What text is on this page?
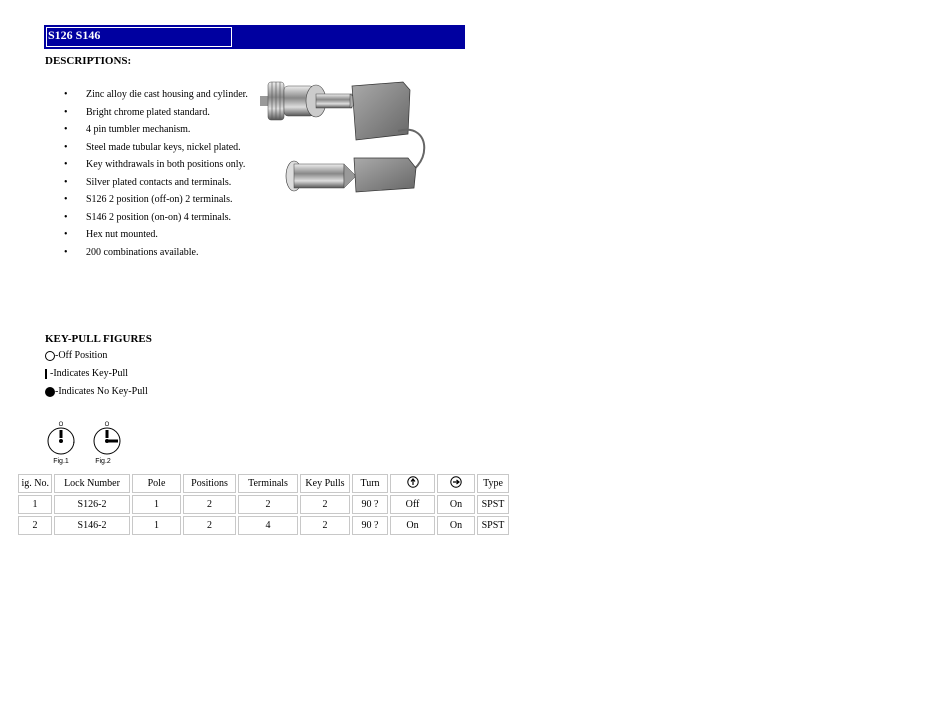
S126 S146
DESCRIPTIONS:
• Zinc alloy die cast housing and cylinder.
• Bright chrome plated standard.
• 4 pin tumbler mechanism.
• Steel made tubular keys, nickel plated.
• Key withdrawals in both positions only.
• Silver plated contacts and terminals.
• S126 2 position (off-on) 2 terminals.
• S146 2 position (on-on) 4 terminals.
• Hex nut mounted.
• 200 combinations available.
KEY-PULL FIGURES
-Off Position
-Indicates Key-Pull
-Indicates No Key-Pull
O
•
Fig.1
O
Fig.2
ig. No.	Lock Number	Pole	Positions	Terminals	Key Pulls	Turn			Type
1	S126-2	1	2	2	2	90 ?	Off	On	SPST
2	S146-2	1	2	4	2	90 ?	On	On	SPST
